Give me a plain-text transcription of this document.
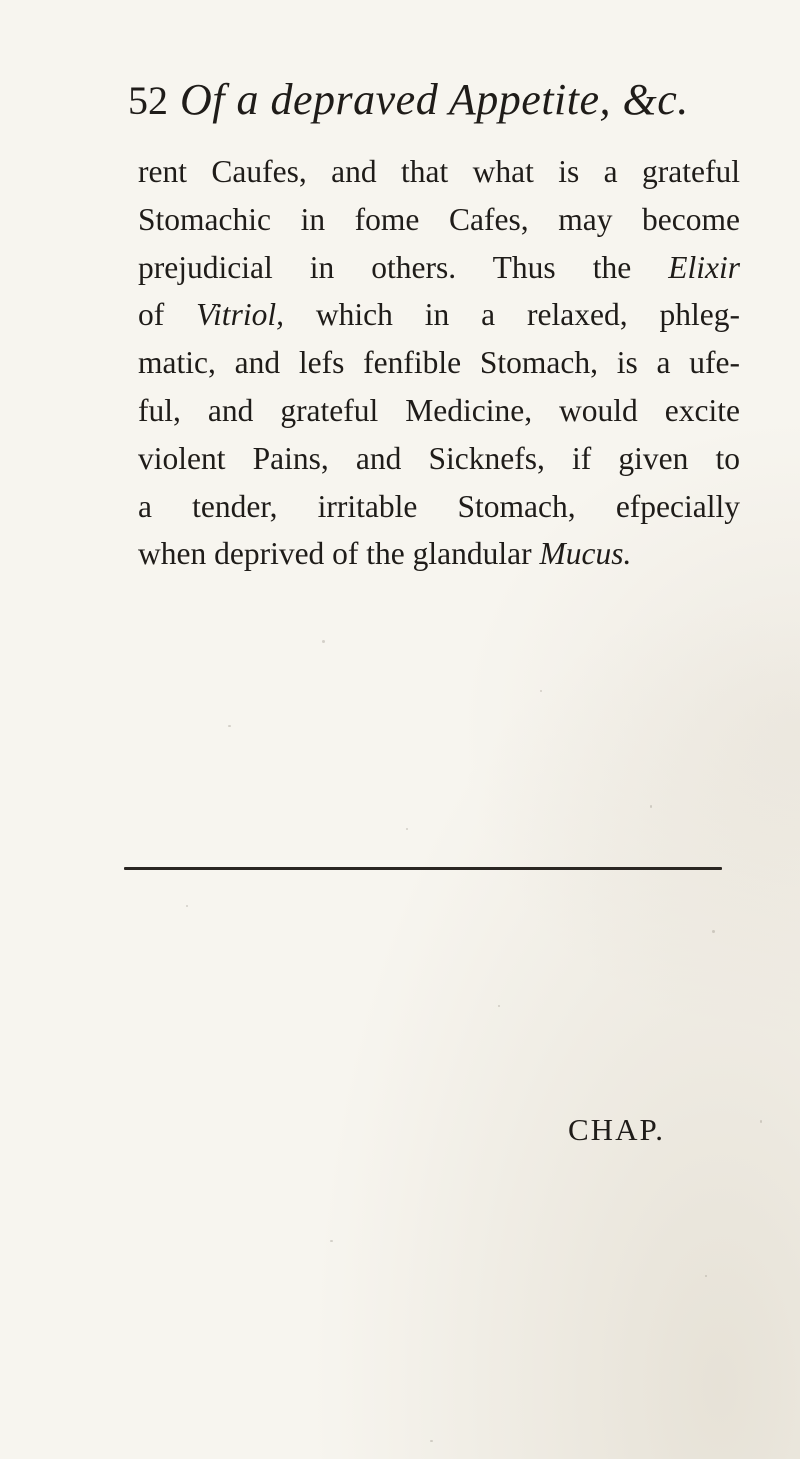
52 Of a depraved Appetite, &c.
rent Caufes, and that what is a grateful
Stomachic in fome Cafes, may become
prejudicial in others. Thus the Elixir
of Vitriol, which in a relaxed, phleg-
matic, and lefs fenfible Stomach, is a ufe-
ful, and grateful Medicine, would excite
violent Pains, and Sicknefs, if given to
a tender, irritable Stomach, efpecially
when deprived of the glandular Mucus.
CHAP.
